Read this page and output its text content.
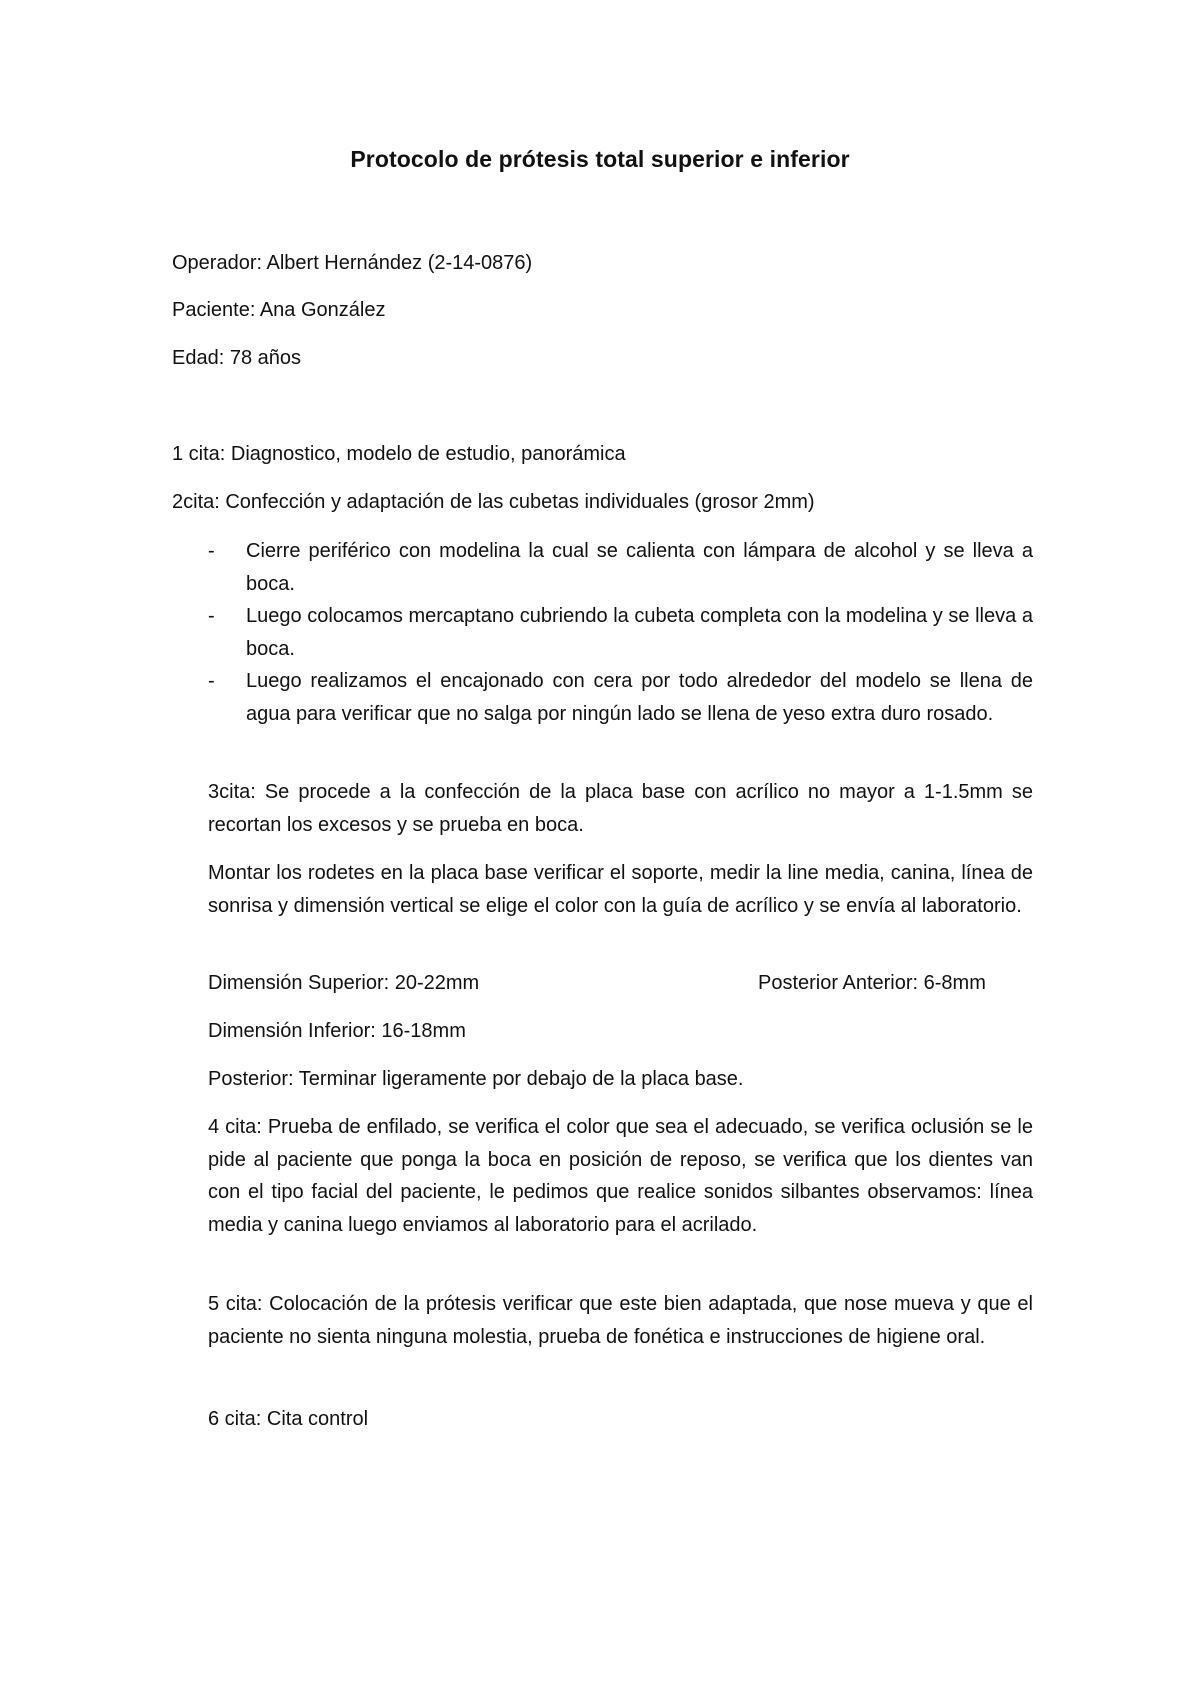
Protocolo de prótesis total superior e inferior
Operador: Albert Hernández (2-14-0876)
Paciente: Ana González
Edad: 78 años
1 cita: Diagnostico, modelo de estudio, panorámica
2cita: Confección y adaptación de las cubetas individuales (grosor 2mm)
- Cierre periférico con modelina la cual se calienta con lámpara de alcohol y se lleva a boca.
- Luego colocamos mercaptano cubriendo la cubeta completa con la modelina y se lleva a boca.
- Luego realizamos el encajonado con cera por todo alrededor del modelo se llena de agua para verificar que no salga por ningún lado se llena de yeso extra duro rosado.
3cita: Se procede a la confección de la placa base con acrílico no mayor a 1-1.5mm se recortan los excesos y se prueba en boca.
Montar los rodetes en la placa base verificar el soporte, medir la line media, canina, línea de sonrisa y dimensión vertical se elige el color con la guía de acrílico y se envía al laboratorio.
Dimensión Superior: 20-22mm	Posterior Anterior: 6-8mm
Dimensión Inferior: 16-18mm
Posterior: Terminar ligeramente por debajo de la placa base.
4 cita: Prueba de enfilado, se verifica el color que sea el adecuado, se verifica oclusión se le pide al paciente que ponga la boca en posición de reposo, se verifica que los dientes van con el tipo facial del paciente, le pedimos que realice sonidos silbantes observamos: línea media y canina luego enviamos al laboratorio para el acrilado.
5 cita: Colocación de la prótesis verificar que este bien adaptada, que nose mueva y que el paciente no sienta ninguna molestia, prueba de fonética e instrucciones de higiene oral.
6 cita: Cita control
